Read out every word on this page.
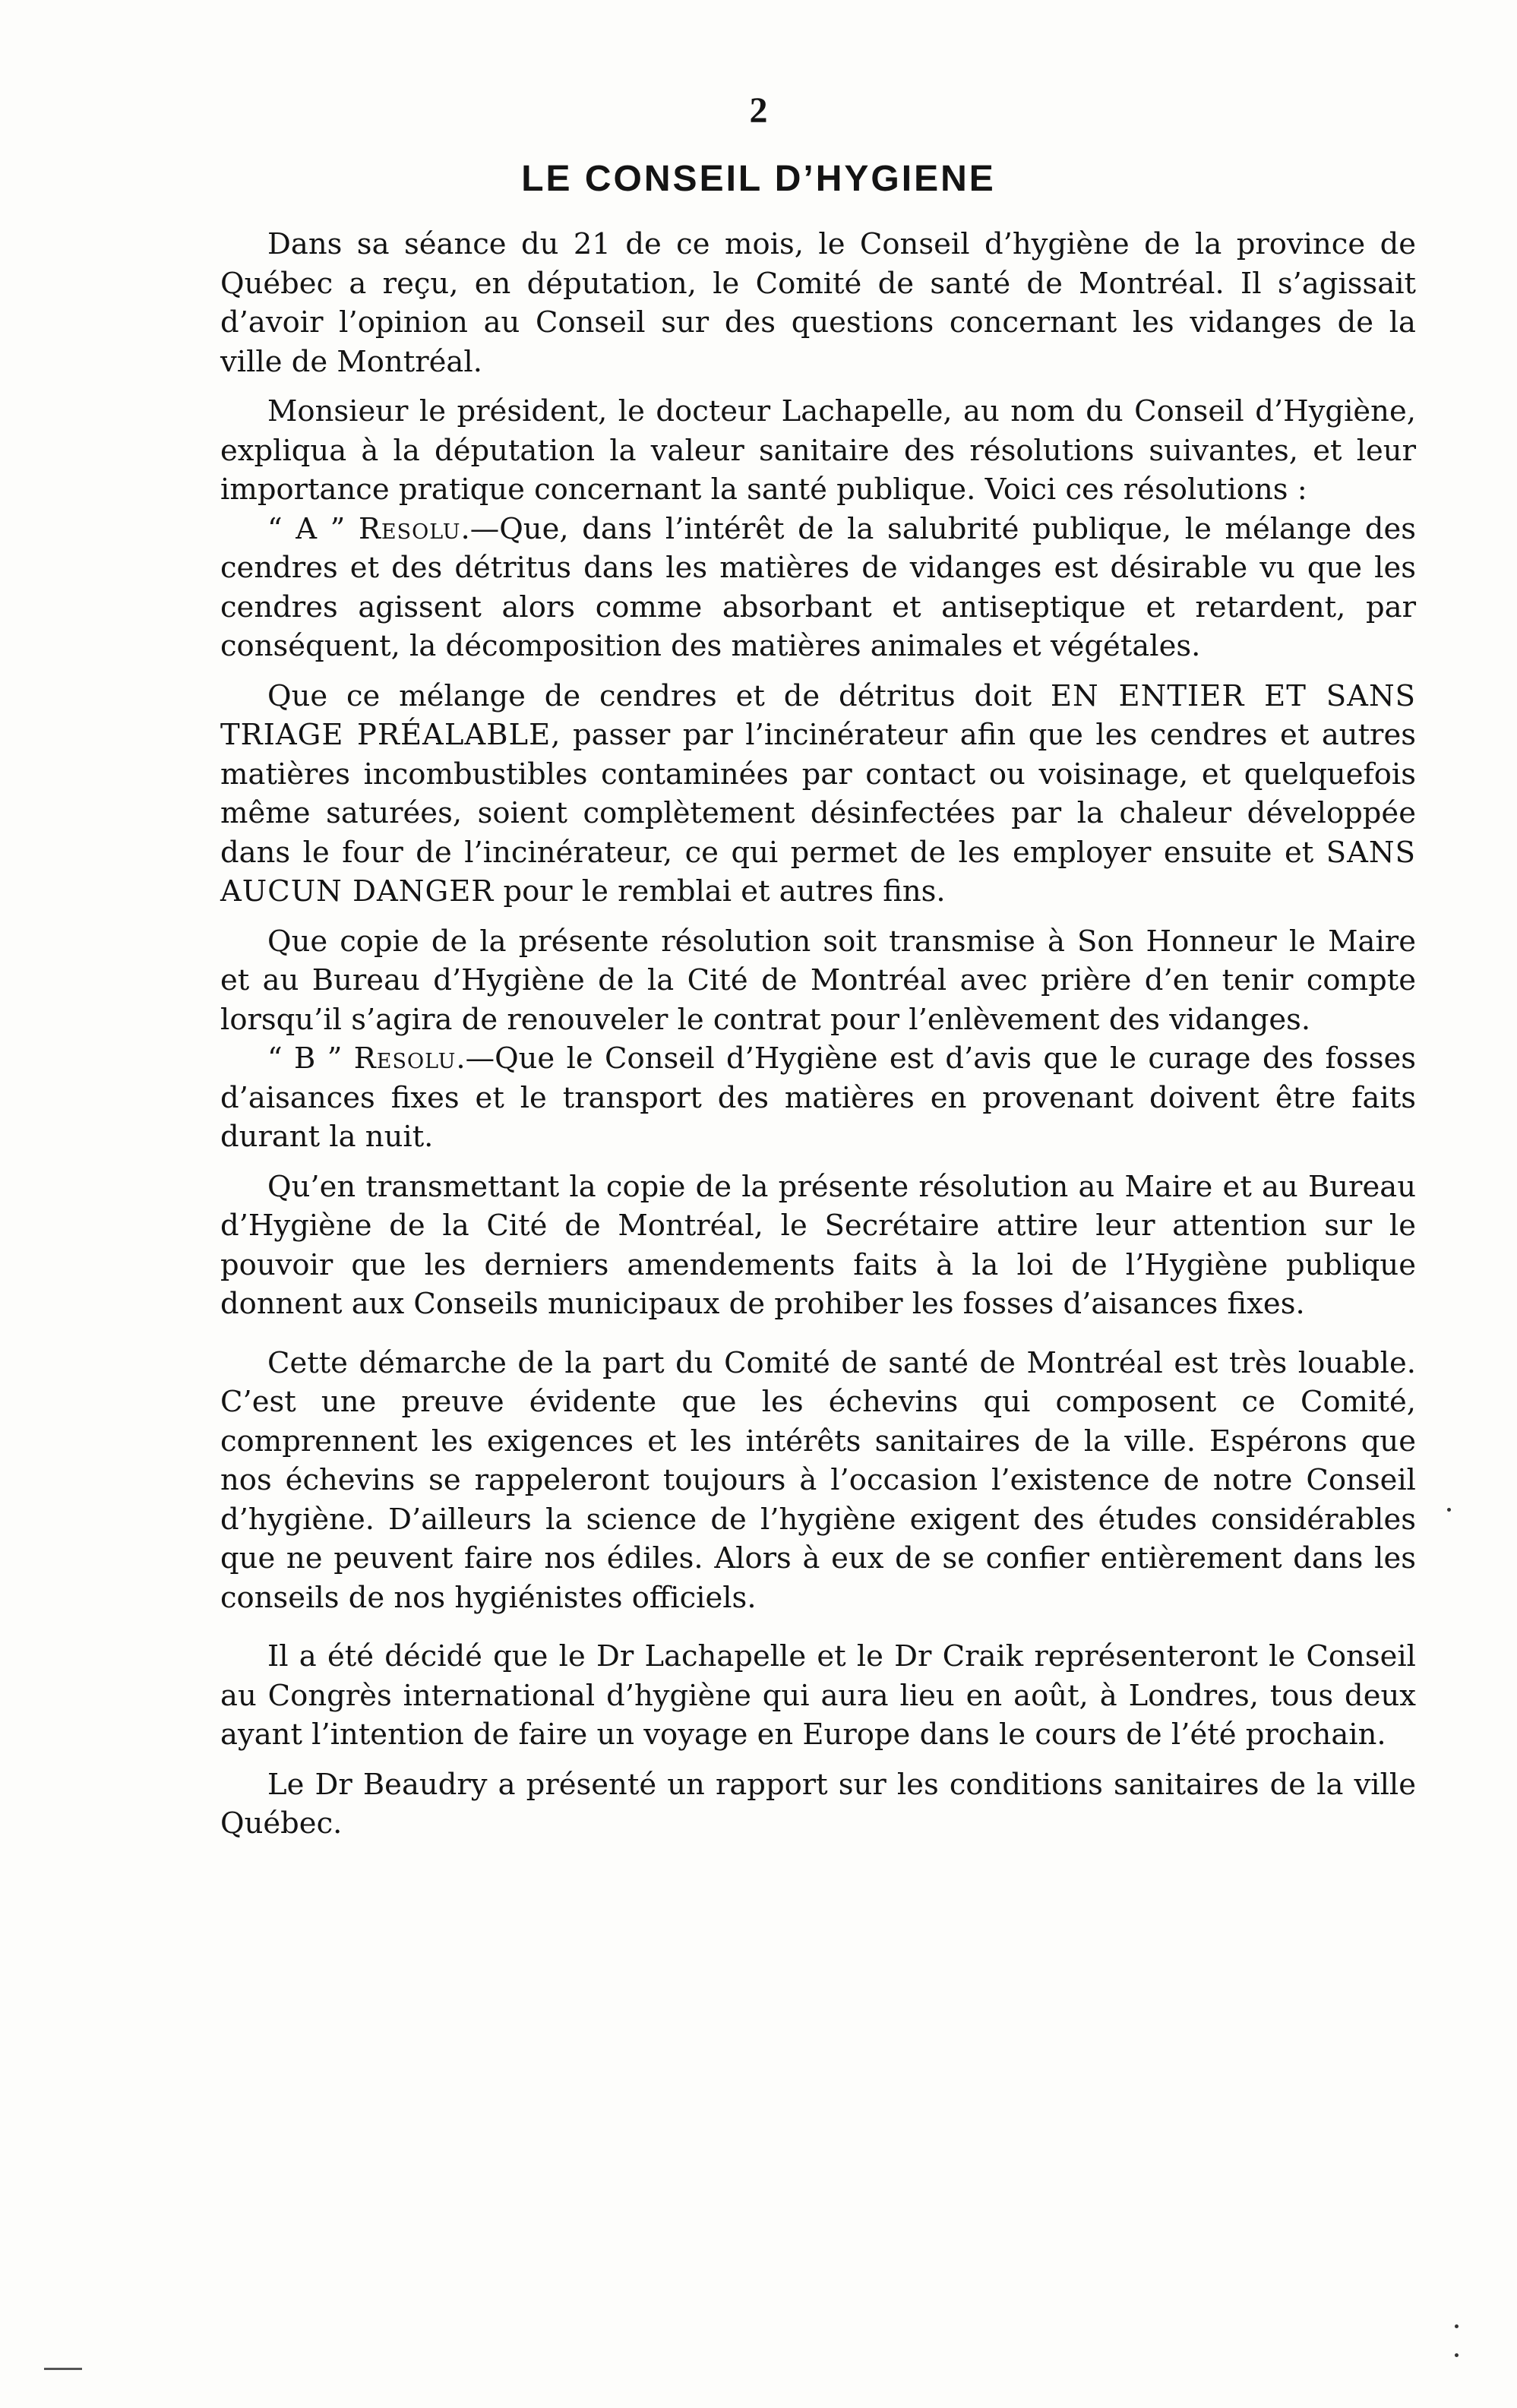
2
LE CONSEIL D’HYGIENE

Dans sa séance du 21 de ce mois, le Conseil d’hygiène de la province de Québec a reçu, en députation, le Comité de santé de Montréal. Il s’agissait d’avoir l’opinion au Conseil sur des questions concernant les vidanges de la ville de Montréal.

Monsieur le président, le docteur Lachapelle, au nom du Conseil d’Hygiène, expliqua à la députation la valeur sanitaire des résolutions suivantes, et leur importance pratique concernant la santé publique. Voici ces résolutions :

“ A ” Resolu.—Que, dans l’intérêt de la salubrité publique, le mélange des cendres et des détritus dans les matières de vidanges est désirable vu que les cendres agissent alors comme absorbant et antiseptique et retardent, par conséquent, la décomposition des matières animales et végétales.

Que ce mélange de cendres et de détritus doit EN ENTIER ET SANS TRIAGE PRÉALABLE, passer par l’incinérateur afin que les cendres et autres matières incombustibles contaminées par contact ou voisinage, et quelquefois même saturées, soient complètement désinfectées par la chaleur développée dans le four de l’incinérateur, ce qui permet de les employer ensuite et SANS AUCUN DANGER pour le remblai et autres fins.

Que copie de la présente résolution soit transmise à Son Honneur le Maire et au Bureau d’Hygiène de la Cité de Montréal avec prière d’en tenir compte lorsqu’il s’agira de renouveler le contrat pour l’enlèvement des vidanges.

“ B ” Resolu.—Que le Conseil d’Hygiène est d’avis que le curage des fosses d’aisances fixes et le transport des matières en provenant doivent être faits durant la nuit.

Qu’en transmettant la copie de la présente résolution au Maire et au Bureau d’Hygiène de la Cité de Montréal, le Secrétaire attire leur attention sur le pouvoir que les derniers amendements faits à la loi de l’Hygiène publique donnent aux Conseils municipaux de prohiber les fosses d’aisances fixes.

Cette démarche de la part du Comité de santé de Montréal est très louable. C’est une preuve évidente que les échevins qui composent ce Comité, comprennent les exigences et les intérêts sanitaires de la ville. Espérons que nos échevins se rappeleront toujours à l’occasion l’existence de notre Conseil d’hygiène. D’ailleurs la science de l’hygiène exigent des études considérables que ne peuvent faire nos édiles. Alors à eux de se confier entièrement dans les conseils de nos hygiénistes officiels.

Il a été décidé que le Dr Lachapelle et le Dr Craik représenteront le Conseil au Congrès international d’hygiène qui aura lieu en août, à Londres, tous deux ayant l’intention de faire un voyage en Europe dans le cours de l’été prochain.

Le Dr Beaudry a présenté un rapport sur les conditions sanitaires de la ville Québec.
